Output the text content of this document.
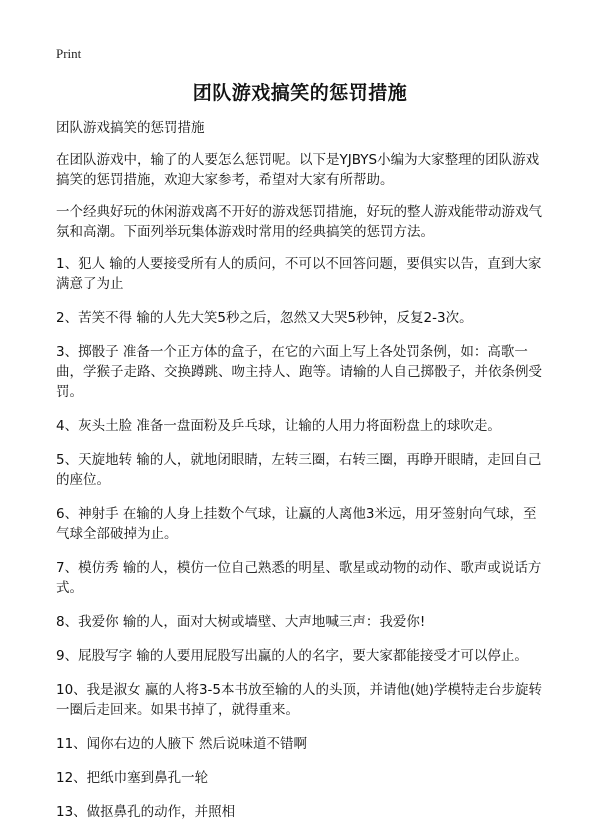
Print
团队游戏搞笑的惩罚措施

团队游戏搞笑的惩罚措施

在团队游戏中，输了的人要怎么惩罚呢。以下是YJBYS小编为大家整理的团队游戏搞笑的惩罚措施，欢迎大家参考，希望对大家有所帮助。

一个经典好玩的休闲游戏离不开好的游戏惩罚措施，好玩的整人游戏能带动游戏气氛和高潮。下面列举玩集体游戏时常用的经典搞笑的惩罚方法。

1、犯人 输的人要接受所有人的质问，不可以不回答问题，要俱实以告，直到大家满意了为止

2、苦笑不得 输的人先大笑5秒之后，忽然又大哭5秒钟，反复2-3次。

3、掷骰子 准备一个正方体的盒子，在它的六面上写上各处罚条例，如：高歌一曲，学猴子走路、交换蹲跳、吻主持人、跑等。请输的人自己掷骰子，并依条例受罚。

4、灰头土脸 准备一盘面粉及乒乓球，让输的人用力将面粉盘上的球吹走。

5、天旋地转 输的人，就地闭眼睛，左转三圈，右转三圈，再睁开眼睛，走回自己的座位。

6、神射手 在输的人身上挂数个气球，让赢的人离他3米远，用牙签射向气球，至气球全部破掉为止。

7、模仿秀 输的人，模仿一位自己熟悉的明星、歌星或动物的动作、歌声或说话方式。

8、我爱你 输的人，面对大树或墙壁、大声地喊三声：我爱你!

9、屁股写字 输的人要用屁股写出赢的人的名字，要大家都能接受才可以停止。

10、我是淑女 赢的人将3-5本书放至输的人的头顶，并请他(她)学模特走台步旋转一圈后走回来。如果书掉了，就得重来。

11、闻你右边的人腋下 然后说味道不错啊

12、把纸巾塞到鼻孔一轮

13、做抠鼻孔的动作，并照相
